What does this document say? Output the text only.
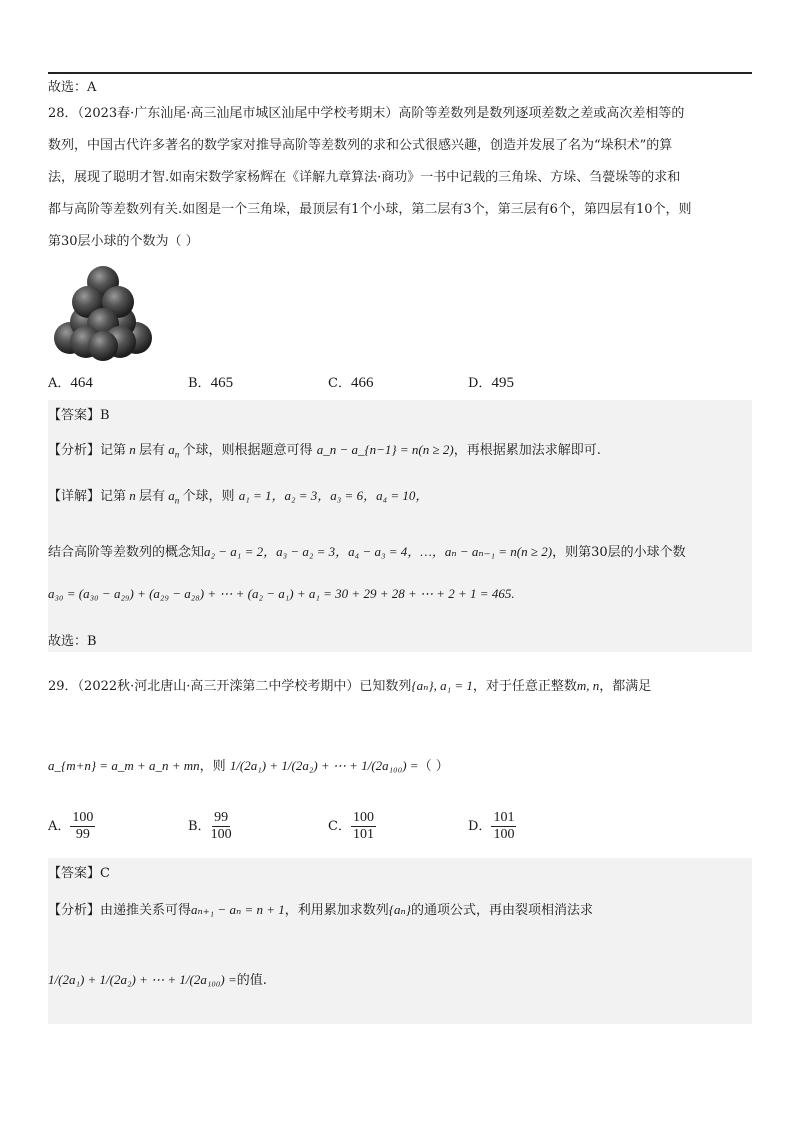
故选：A
28．（2023春·广东汕尾·高三汕尾市城区汕尾中学校考期末）高阶等差数列是数列逐项差数之差或高次差相等的
数列，中国古代许多著名的数学家对推导高阶等差数列的求和公式很感兴趣，创造并发展了名为“垛积术”的算
法，展现了聪明才智.如南宋数学家杨辉在《详解九章算法·商功》一书中记载的三角垛、方垛、刍甍垛等的求和
都与高阶等差数列有关.如图是一个三角垛，最顶层有1个小球，第二层有3个，第三层有6个，第四层有10个，则
第30层小球的个数为（ ）
A．464	B．465	C．466	D．495
【答案】B
【分析】记第 n 层有 $a_n$ 个球，则根据题意可得 a_n − a_{n−1} = n(n ≥ 2)，再根据累加法求解即可.
【详解】记第 n 层有 $a_n$ 个球，则 a₁ = 1，a₂ = 3，a₃ = 6，a₄ = 10，
结合高阶等差数列的概念知a₂ − a₁ = 2，a₃ − a₂ = 3，a₄ − a₃ = 4，…，aₙ − aₙ₋₁ = n(n ≥ 2)，则第30层的小球个数
a₃₀ = (a₃₀ − a₂₉) + (a₂₉ − a₂₈) + ⋯ + (a₂ − a₁) + a₁ = 30 + 29 + 28 + ⋯ + 2 + 1 = 465.
故选：B
29．（2022秋·河北唐山·高三开滦第二中学校考期中）已知数列{aₙ}, a₁ = 1，对于任意正整数m, n，都满足
a_{m+n} = a_m + a_n + mn，则 1/(2a₁) + 1/(2a₂) + ⋯ + 1/(2a₁₀₀) =（ ）
A． $\frac{100}{99}$	B． $\frac{99}{100}$	C． $\frac{100}{101}$	D． $\frac{101}{100}$
【答案】C
【分析】由递推关系可得aₙ₊₁ − aₙ = n + 1，利用累加求数列{aₙ}的通项公式，再由裂项相消法求
1/(2a₁) + 1/(2a₂) + ⋯ + 1/(2a₁₀₀) =的值.
